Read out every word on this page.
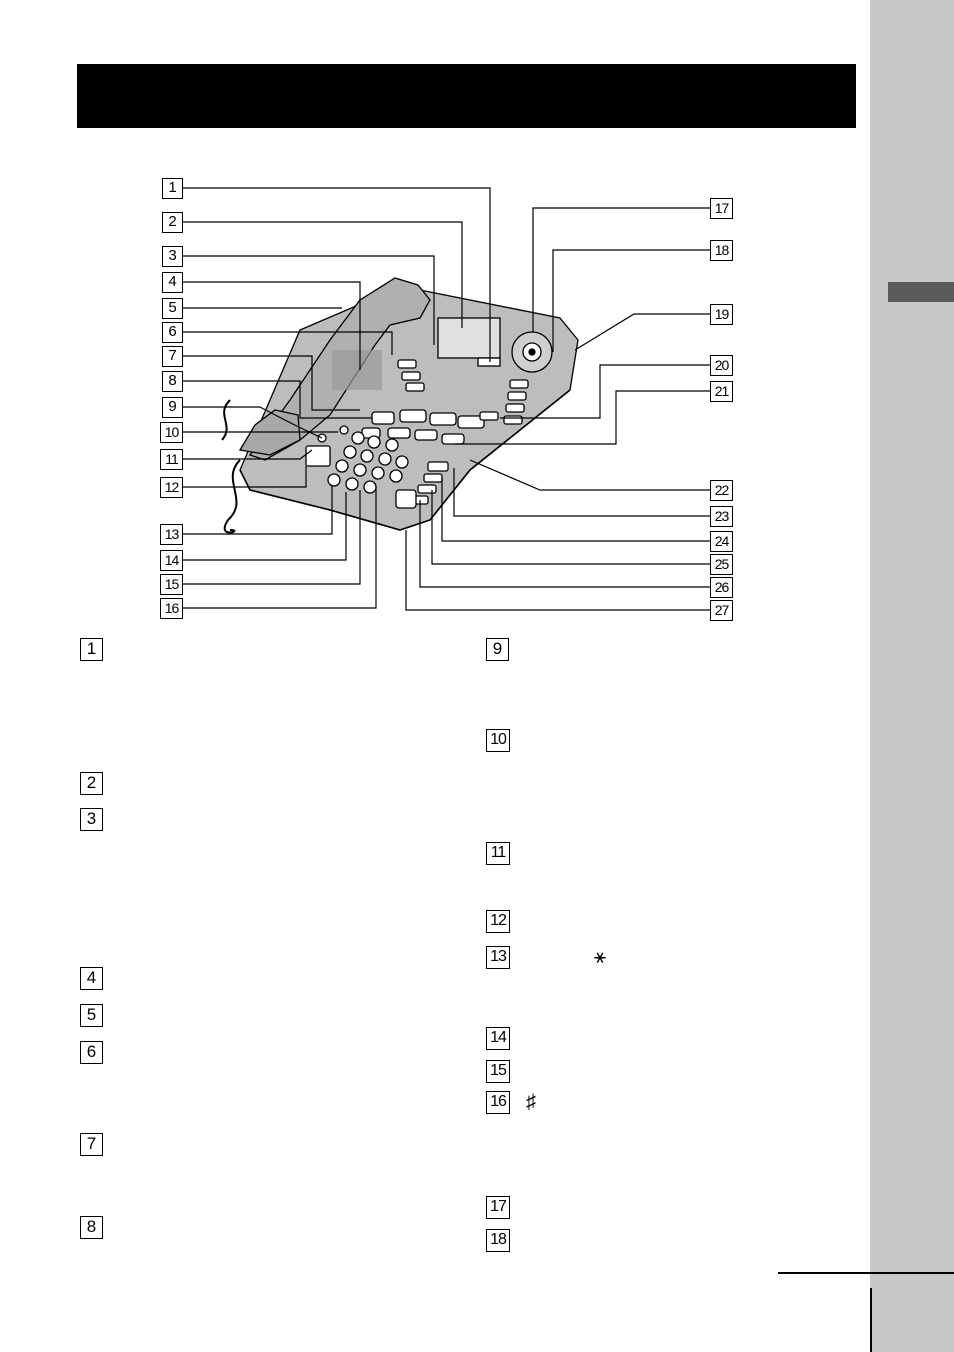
1
2
3
4
5
6
7
8
9
10
11
12
13
14
15
16
17
18
19
20
21
22
23
24
25
26
27
1
2
3
4
5
6
7
8
9
10
11
12
13
14
15
16
17
18
⚹
♯
